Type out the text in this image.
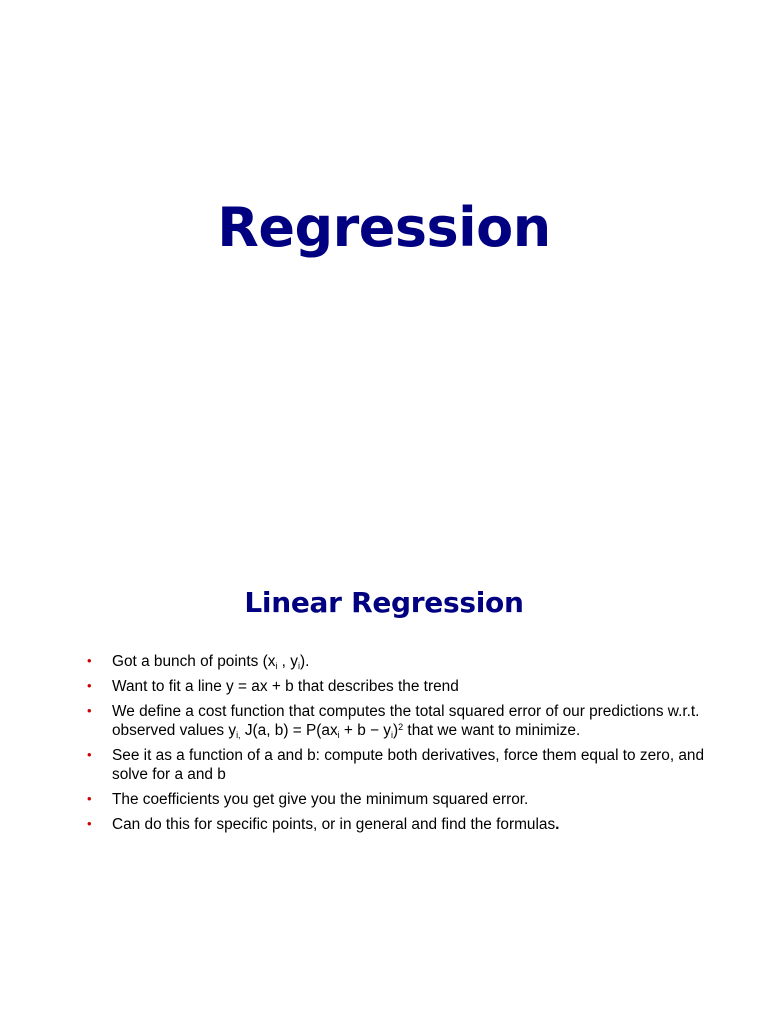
Regression
Linear Regression
• Got a bunch of points ($x_i$ , $y_i$).
• Want to fit a line y = ax + b that describes the trend
• We define a cost function that computes the total squared error of our predictions w.r.t. observed values $y_{i,}$ J(a, $b) = P(ax_i + b - y_i)^2$ that we want to minimize.
• See it as a function of a and b: compute both derivatives, force them equal to zero, and solve for a and b
• The coefficients you get give you the minimum squared error.
• Can do this for specific points, or in general and find the formulas.
